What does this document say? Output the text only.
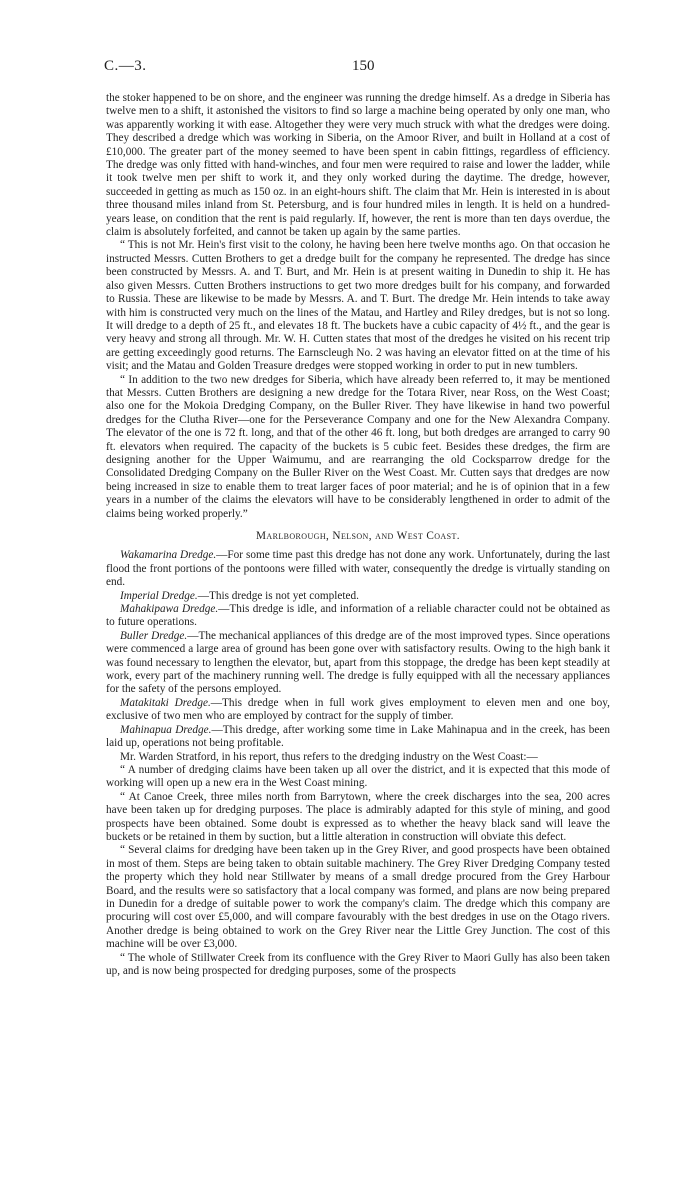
C.—3.	150

the stoker happened to be on shore, and the engineer was running the dredge himself. As a dredge in Siberia has twelve men to a shift, it astonished the visitors to find so large a machine being operated by only one man, who was apparently working it with ease. Altogether they were very much struck with what the dredges were doing. They described a dredge which was working in Siberia, on the Amoor River, and built in Holland at a cost of £10,000. The greater part of the money seemed to have been spent in cabin fittings, regardless of efficiency. The dredge was only fitted with hand-winches, and four men were required to raise and lower the ladder, while it took twelve men per shift to work it, and they only worked during the daytime. The dredge, however, succeeded in getting as much as 150 oz. in an eight-hours shift. The claim that Mr. Hein is interested in is about three thousand miles inland from St. Petersburg, and is four hundred miles in length. It is held on a hundred-years lease, on condition that the rent is paid regularly. If, however, the rent is more than ten days overdue, the claim is absolutely forfeited, and cannot be taken up again by the same parties.

“ This is not Mr. Hein's first visit to the colony, he having been here twelve months ago. On that occasion he instructed Messrs. Cutten Brothers to get a dredge built for the company he represented. The dredge has since been constructed by Messrs. A. and T. Burt, and Mr. Hein is at present waiting in Dunedin to ship it. He has also given Messrs. Cutten Brothers instructions to get two more dredges built for his company, and forwarded to Russia. These are likewise to be made by Messrs. A. and T. Burt. The dredge Mr. Hein intends to take away with him is constructed very much on the lines of the Matau, and Hartley and Riley dredges, but is not so long. It will dredge to a depth of 25 ft., and elevates 18 ft. The buckets have a cubic capacity of 4½ ft., and the gear is very heavy and strong all through. Mr. W. H. Cutten states that most of the dredges he visited on his recent trip are getting exceedingly good returns. The Earnscleugh No. 2 was having an elevator fitted on at the time of his visit; and the Matau and Golden Treasure dredges were stopped working in order to put in new tumblers.

“ In addition to the two new dredges for Siberia, which have already been referred to, it may be mentioned that Messrs. Cutten Brothers are designing a new dredge for the Totara River, near Ross, on the West Coast; also one for the Mokoia Dredging Company, on the Buller River. They have likewise in hand two powerful dredges for the Clutha River—one for the Perseverance Company and one for the New Alexandra Company. The elevator of the one is 72 ft. long, and that of the other 46 ft. long, but both dredges are arranged to carry 90 ft. elevators when required. The capacity of the buckets is 5 cubic feet. Besides these dredges, the firm are designing another for the Upper Waimumu, and are rearranging the old Cocksparrow dredge for the Consolidated Dredging Company on the Buller River on the West Coast. Mr. Cutten says that dredges are now being increased in size to enable them to treat larger faces of poor material; and he is of opinion that in a few years in a number of the claims the elevators will have to be considerably lengthened in order to admit of the claims being worked properly.”

Marlborough, Nelson, and West Coast.

Wakamarina Dredge.—For some time past this dredge has not done any work. Unfortunately, during the last flood the front portions of the pontoons were filled with water, consequently the dredge is virtually standing on end.

Imperial Dredge.—This dredge is not yet completed.

Mahakipawa Dredge.—This dredge is idle, and information of a reliable character could not be obtained as to future operations.

Buller Dredge.—The mechanical appliances of this dredge are of the most improved types. Since operations were commenced a large area of ground has been gone over with satisfactory results. Owing to the high bank it was found necessary to lengthen the elevator, but, apart from this stoppage, the dredge has been kept steadily at work, every part of the machinery running well. The dredge is fully equipped with all the necessary appliances for the safety of the persons employed.

Matakitaki Dredge.—This dredge when in full work gives employment to eleven men and one boy, exclusive of two men who are employed by contract for the supply of timber.

Mahinapua Dredge.—This dredge, after working some time in Lake Mahinapua and in the creek, has been laid up, operations not being profitable.

Mr. Warden Stratford, in his report, thus refers to the dredging industry on the West Coast:—

“ A number of dredging claims have been taken up all over the district, and it is expected that this mode of working will open up a new era in the West Coast mining.

“ At Canoe Creek, three miles north from Barrytown, where the creek discharges into the sea, 200 acres have been taken up for dredging purposes. The place is admirably adapted for this style of mining, and good prospects have been obtained. Some doubt is expressed as to whether the heavy black sand will leave the buckets or be retained in them by suction, but a little alteration in construction will obviate this defect.

“ Several claims for dredging have been taken up in the Grey River, and good prospects have been obtained in most of them. Steps are being taken to obtain suitable machinery. The Grey River Dredging Company tested the property which they hold near Stillwater by means of a small dredge procured from the Grey Harbour Board, and the results were so satisfactory that a local company was formed, and plans are now being prepared in Dunedin for a dredge of suitable power to work the company's claim. The dredge which this company are procuring will cost over £5,000, and will compare favourably with the best dredges in use on the Otago rivers. Another dredge is being obtained to work on the Grey River near the Little Grey Junction. The cost of this machine will be over £3,000.

“ The whole of Stillwater Creek from its confluence with the Grey River to Maori Gully has also been taken up, and is now being prospected for dredging purposes, some of the prospects
